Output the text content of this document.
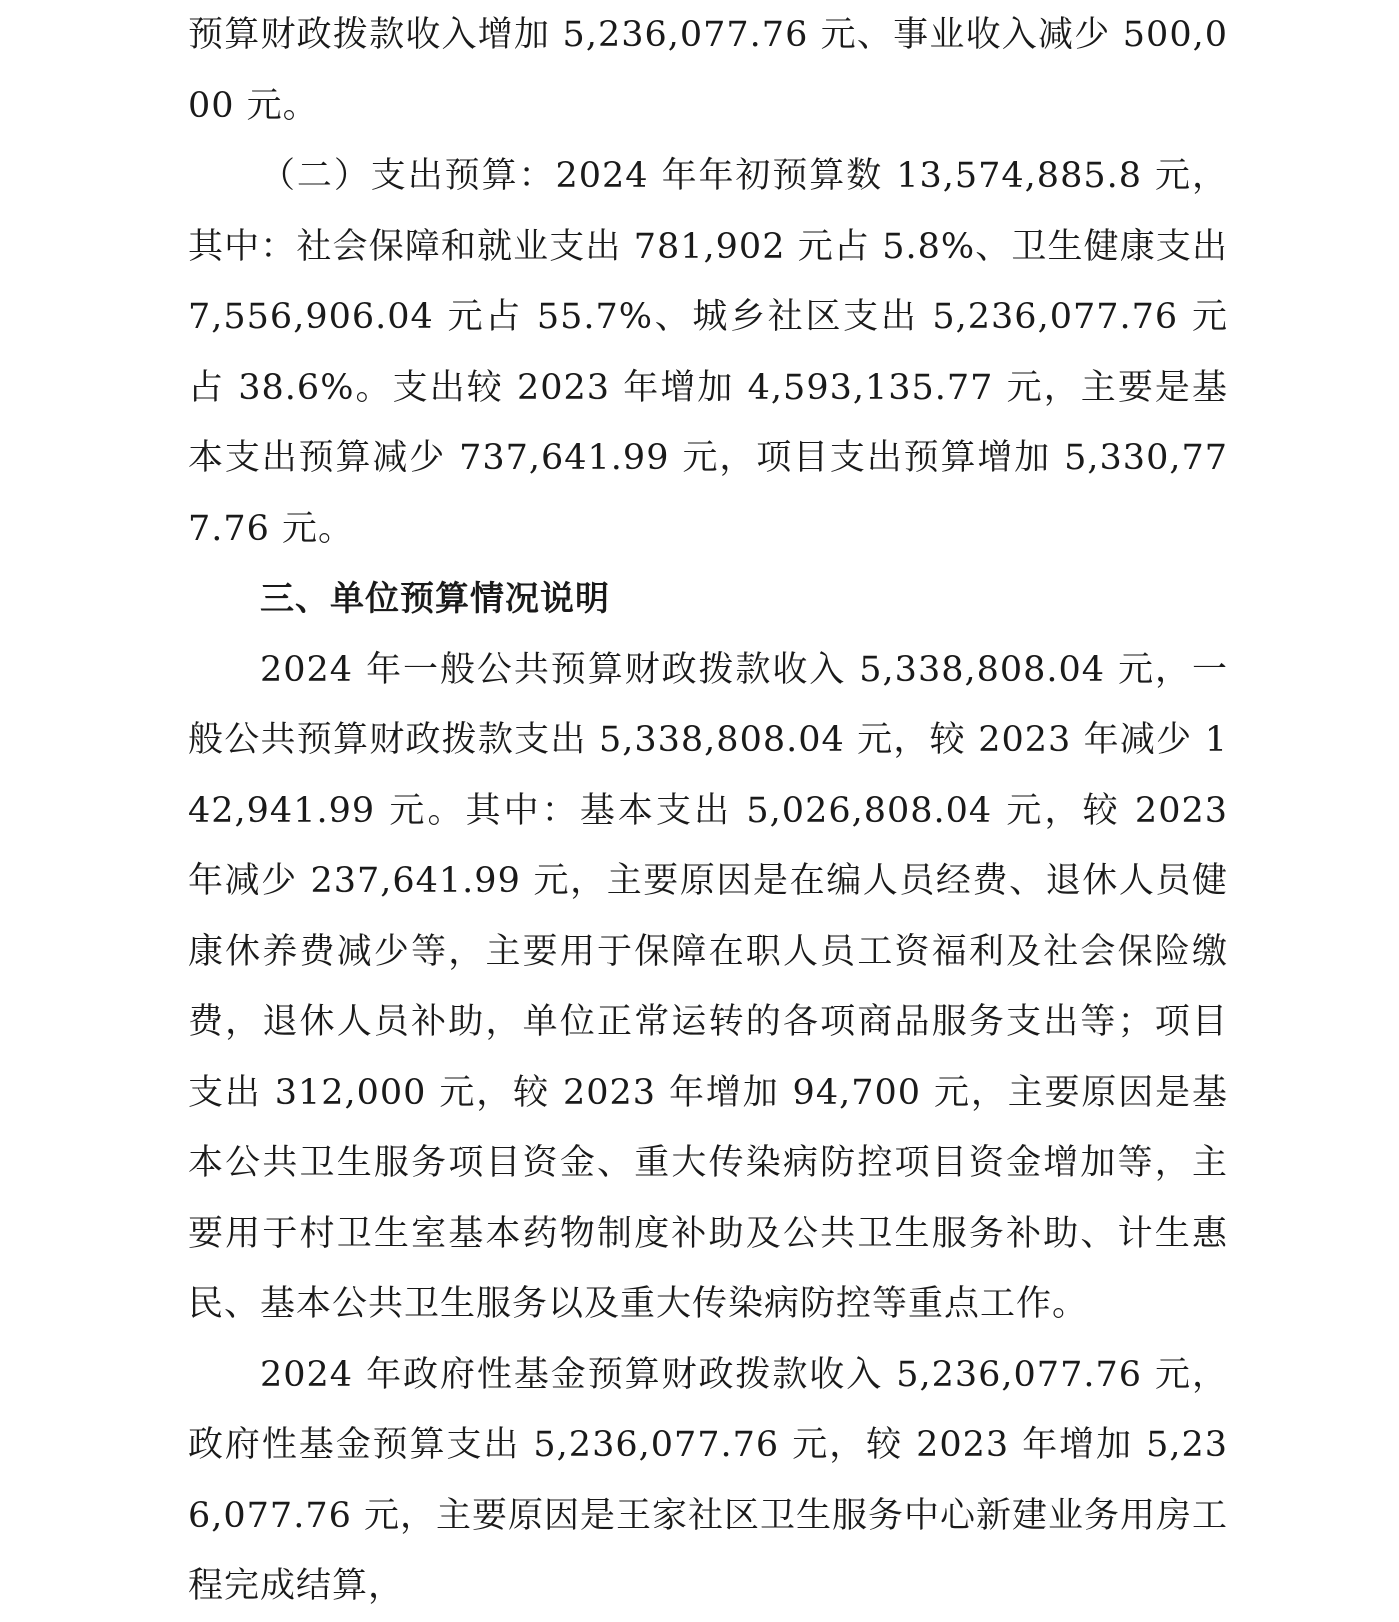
预算财政拨款收入增加 5,236,077.76 元、事业收入减少 500,000 元。

（二）支出预算：2024 年年初预算数 13,574,885.8 元，其中：社会保障和就业支出 781,902 元占 5.8%、卫生健康支出 7,556,906.04 元占 55.7%、城乡社区支出 5,236,077.76 元占 38.6%。支出较 2023 年增加 4,593,135.77 元，主要是基本支出预算减少 737,641.99 元，项目支出预算增加 5,330,777.76 元。

三、单位预算情况说明

2024 年一般公共预算财政拨款收入 5,338,808.04 元，一般公共预算财政拨款支出 5,338,808.04 元，较 2023 年减少 142,941.99 元。其中：基本支出 5,026,808.04 元，较 2023 年减少 237,641.99 元，主要原因是在编人员经费、退休人员健康休养费减少等，主要用于保障在职人员工资福利及社会保险缴费，退休人员补助，单位正常运转的各项商品服务支出等；项目支出 312,000 元，较 2023 年增加 94,700 元，主要原因是基本公共卫生服务项目资金、重大传染病防控项目资金增加等，主要用于村卫生室基本药物制度补助及公共卫生服务补助、计生惠民、基本公共卫生服务以及重大传染病防控等重点工作。

2024 年政府性基金预算财政拨款收入 5,236,077.76 元，政府性基金预算支出 5,236,077.76 元，较 2023 年增加 5,236,077.76 元，主要原因是王家社区卫生服务中心新建业务用房工程完成结算，
